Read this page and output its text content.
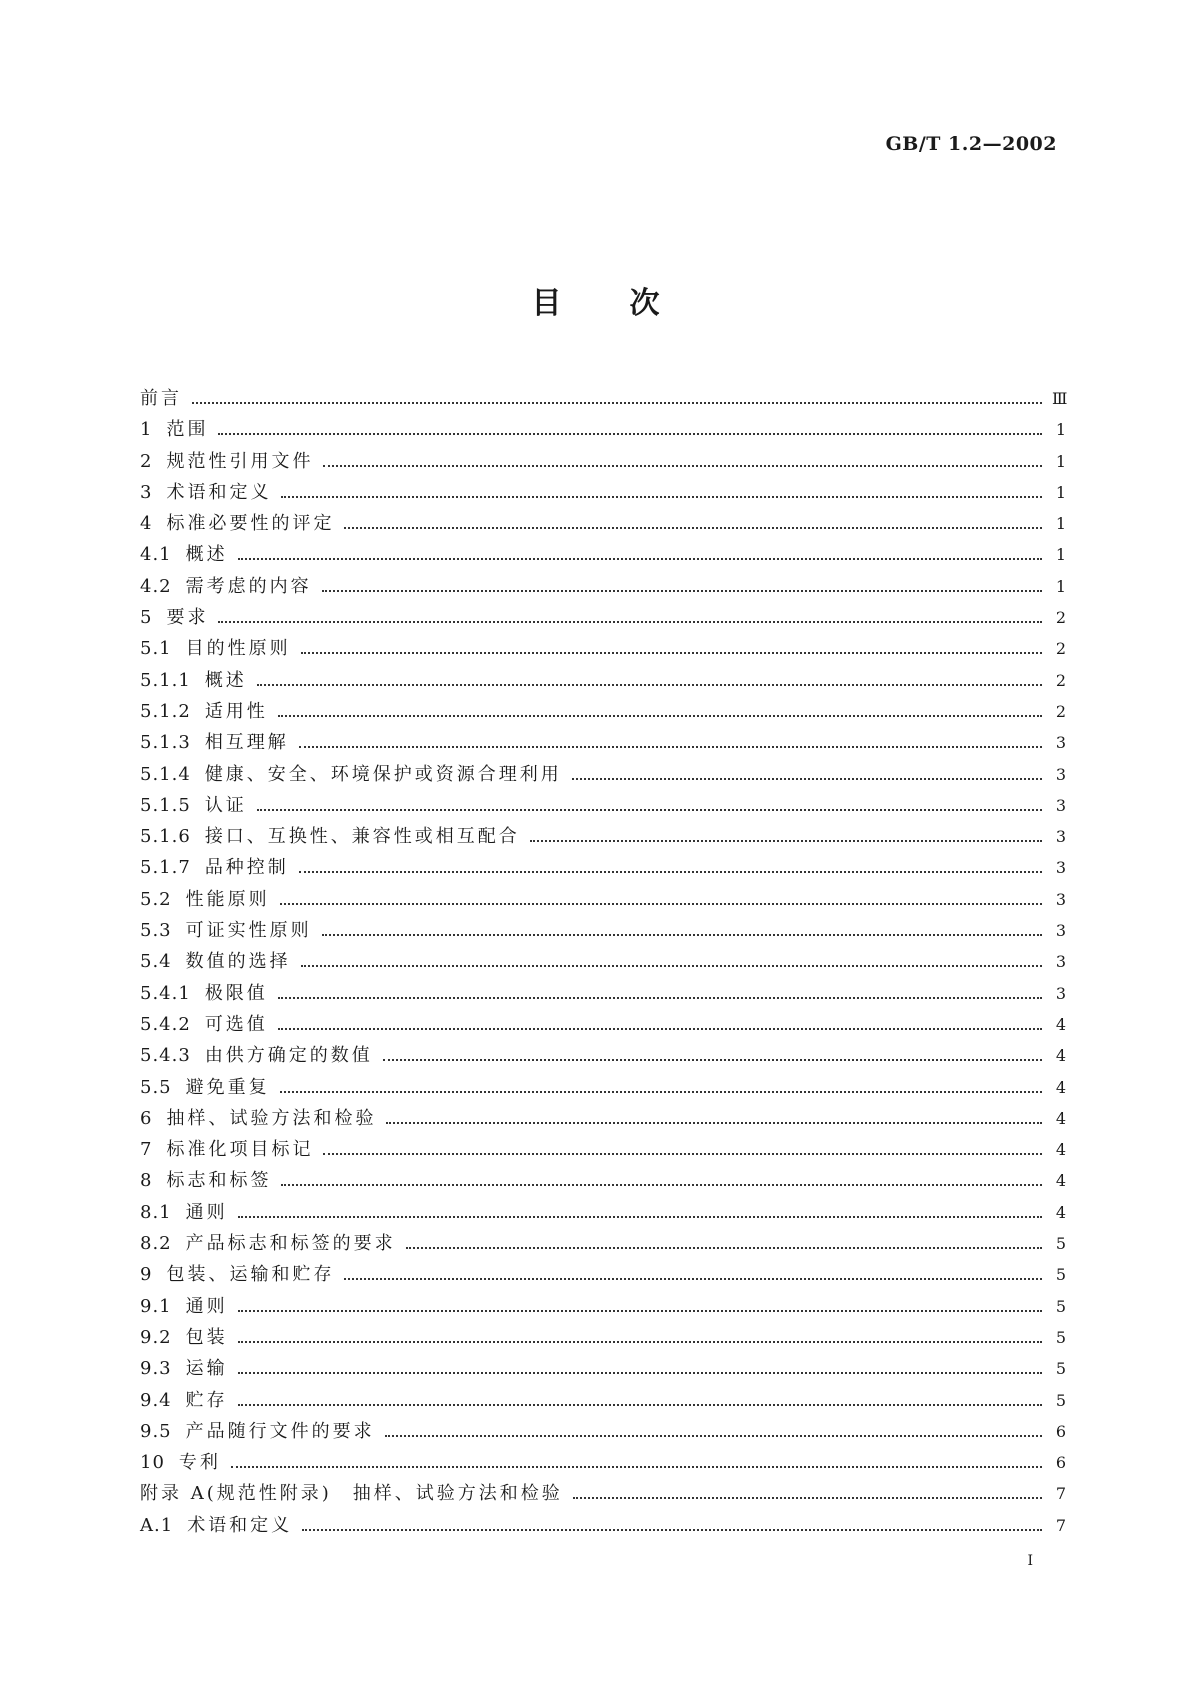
GB/T 1.2—2002
目次
前言	Ⅲ
1 范围	1
2 规范性引用文件	1
3 术语和定义	1
4 标准必要性的评定	1
4.1 概述	1
4.2 需考虑的内容	1
5 要求	2
5.1 目的性原则	2
5.1.1 概述	2
5.1.2 适用性	2
5.1.3 相互理解	3
5.1.4 健康、安全、环境保护或资源合理利用	3
5.1.5 认证	3
5.1.6 接口、互换性、兼容性或相互配合	3
5.1.7 品种控制	3
5.2 性能原则	3
5.3 可证实性原则	3
5.4 数值的选择	3
5.4.1 极限值	3
5.4.2 可选值	4
5.4.3 由供方确定的数值	4
5.5 避免重复	4
6 抽样、试验方法和检验	4
7 标准化项目标记	4
8 标志和标签	4
8.1 通则	4
8.2 产品标志和标签的要求	5
9 包装、运输和贮存	5
9.1 通则	5
9.2 包装	5
9.3 运输	5
9.4 贮存	5
9.5 产品随行文件的要求	6
10 专利	6
附录 A(规范性附录)　抽样、试验方法和检验	7
A.1 术语和定义	7
I
